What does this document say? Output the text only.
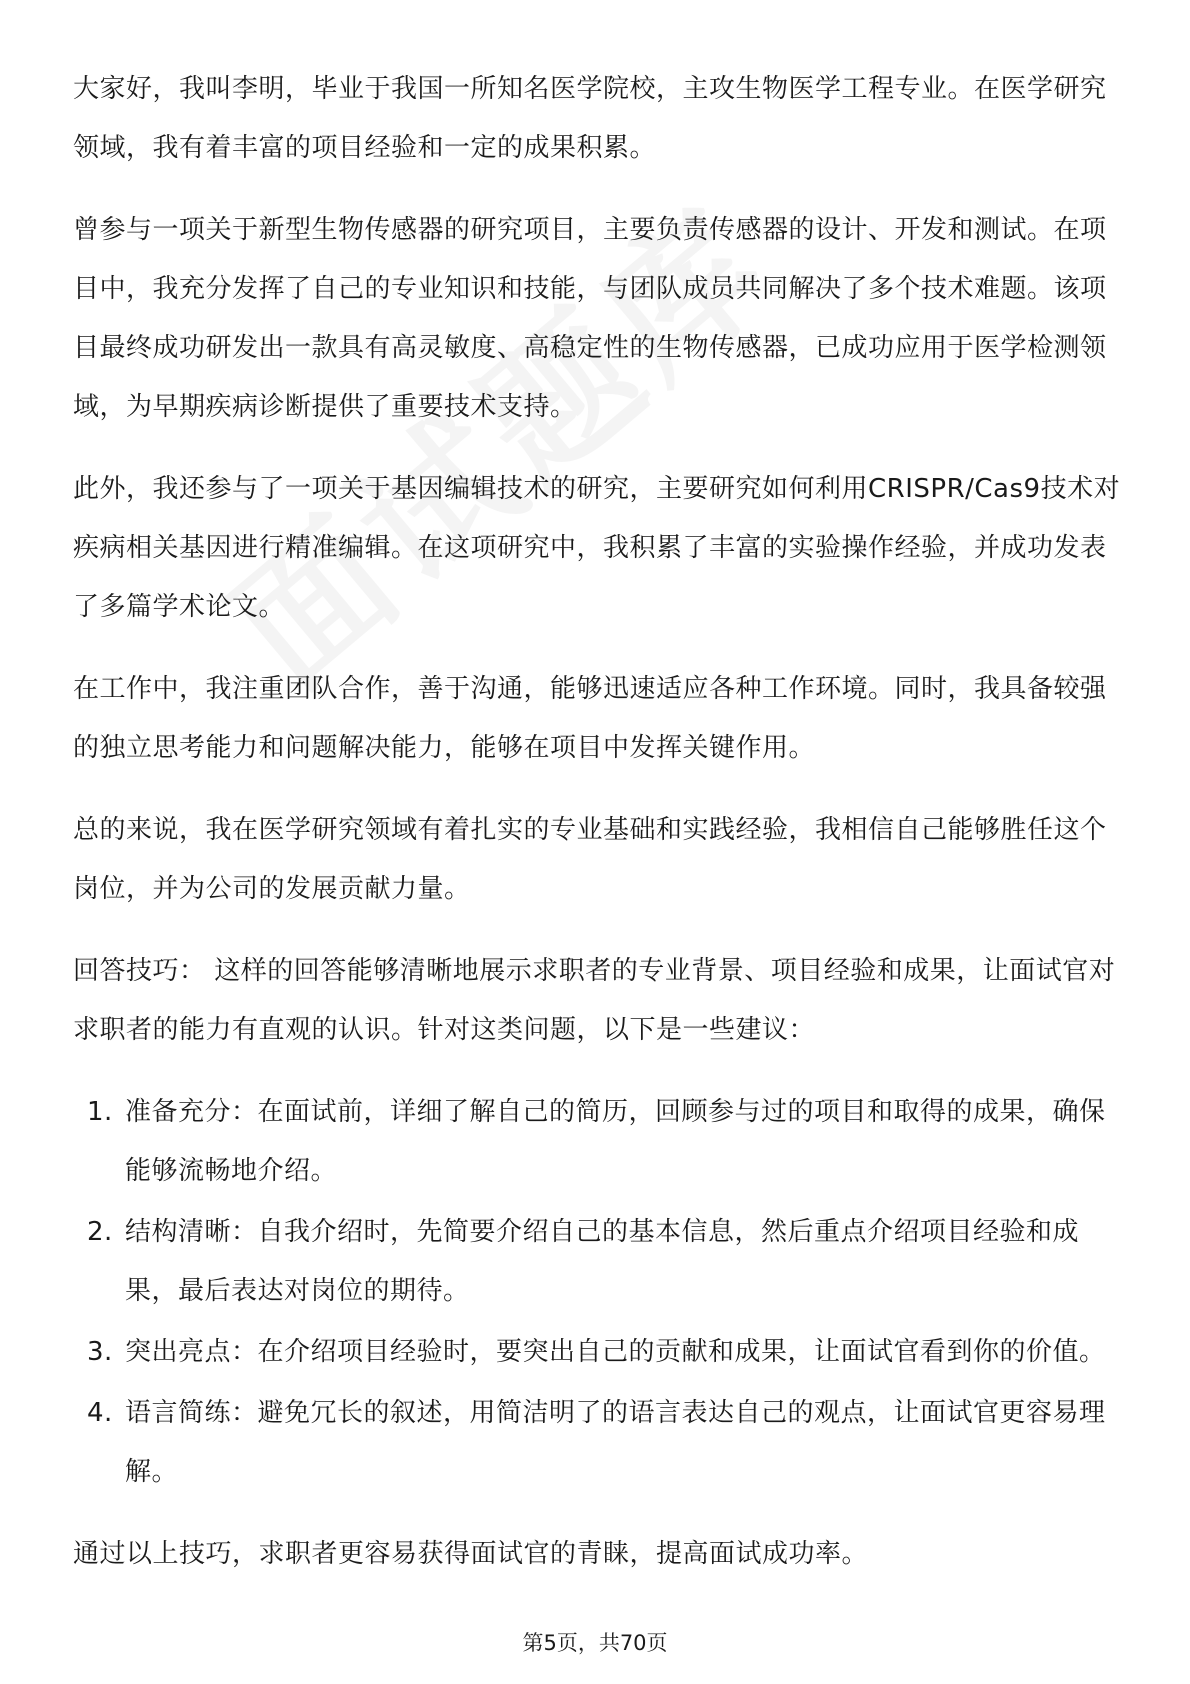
大家好，我叫李明，毕业于我国一所知名医学院校，主攻生物医学工程专业。在医学研究领域，我有着丰富的项目经验和一定的成果积累。

曾参与一项关于新型生物传感器的研究项目，主要负责传感器的设计、开发和测试。在项目中，我充分发挥了自己的专业知识和技能，与团队成员共同解决了多个技术难题。该项目最终成功研发出一款具有高灵敏度、高稳定性的生物传感器，已成功应用于医学检测领域，为早期疾病诊断提供了重要技术支持。

此外，我还参与了一项关于基因编辑技术的研究，主要研究如何利用CRISPR/Cas9技术对疾病相关基因进行精准编辑。在这项研究中，我积累了丰富的实验操作经验，并成功发表了多篇学术论文。

在工作中，我注重团队合作，善于沟通，能够迅速适应各种工作环境。同时，我具备较强的独立思考能力和问题解决能力，能够在项目中发挥关键作用。

总的来说，我在医学研究领域有着扎实的专业基础和实践经验，我相信自己能够胜任这个岗位，并为公司的发展贡献力量。

回答技巧： 这样的回答能够清晰地展示求职者的专业背景、项目经验和成果，让面试官对求职者的能力有直观的认识。针对这类问题，以下是一些建议：

1. 准备充分：在面试前，详细了解自己的简历，回顾参与过的项目和取得的成果，确保能够流畅地介绍。
2. 结构清晰：自我介绍时，先简要介绍自己的基本信息，然后重点介绍项目经验和成果，最后表达对岗位的期待。
3. 突出亮点：在介绍项目经验时，要突出自己的贡献和成果，让面试官看到你的价值。
4. 语言简练：避免冗长的叙述，用简洁明了的语言表达自己的观点，让面试官更容易理解。

通过以上技巧，求职者更容易获得面试官的青睐，提高面试成功率。

第5页，共70页
